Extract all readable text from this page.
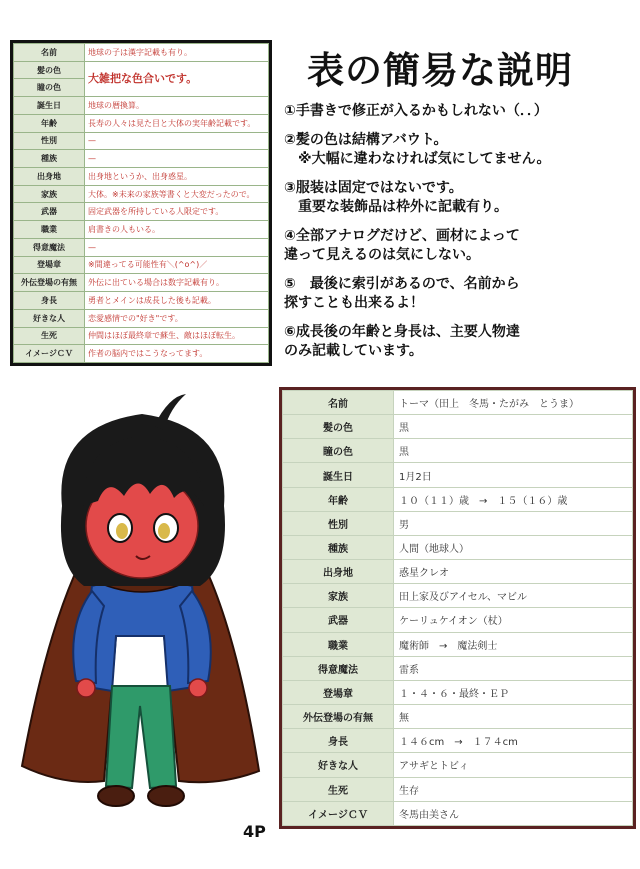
名前	地球の子は漢字記載も有り。
髪の色	大雑把な色合いです。
瞳の色	
誕生日	地球の暦換算。
年齢	長寿の人々は見た目と大体の実年齢記載です。
性別	—
種族	—
出身地	出身地というか、出身惑星。
家族	大体。※未来の家族等書くと大変だったので。
武器	固定武器を所持している人限定です。
職業	肩書きの人もいる。
得意魔法	—
登場章	※間違ってる可能性有＼(^o^)／
外伝登場の有無	外伝に出ている場合は数字記載有り。
身長	勇者とメインは成長した後も記載。
好きな人	恋愛感情での"好き"です。
生死	仲間はほぼ最終章で蘇生、敵はほぼ転生。
イメージＣＶ	作者の脳内ではこうなってます。
表の簡易な説明
①手書きで修正が入るかもしれない（．．）
②髪の色は結構アバウト。
　※大幅に違わなければ気にしてません。
③服装は固定ではないです。
　重要な装飾品は枠外に記載有り。
④全部アナログだけど、画材によって
違って見えるのは気にしない。
⑤　最後に索引があるので、名前から
探すことも出来るよ！
⑥成長後の年齢と身長は、主要人物達
のみ記載しています。
4P
名前	トーマ（田上　冬馬・たがみ　とうま）
髪の色	黒
瞳の色	黒
誕生日	1月2日
年齢	１０（１１）歳　→　１５（１６）歳
性別	男
種族	人間（地球人）
出身地	惑星クレオ
家族	田上家及びアイセル、マビル
武器	ケーリュケイオン（杖）
職業	魔術師　→　魔法剣士
得意魔法	雷系
登場章	１・４・６・最終・ＥＰ
外伝登場の有無	無
身長	１４６cm　→　１７４cm
好きな人	アサギとトビィ
生死	生存
イメージＣＶ	冬馬由美さん
